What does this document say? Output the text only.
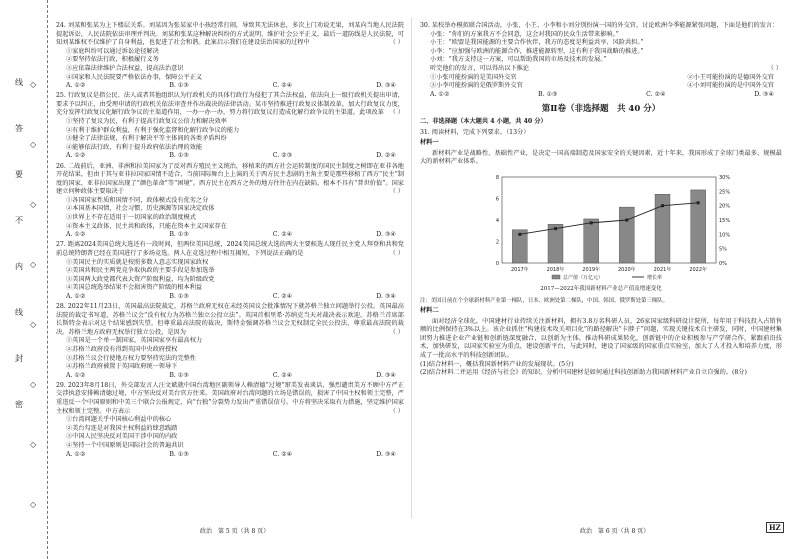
线
答
要
不
内
线
封
密
◇
◇
◇
◇
◇
◇
◇
◇
24. 刘某和张某为上下楼层关系。刘某因为张某家中小孩经常打闹，导致其无法休息，多次上门劝说无果，刘某向当地人民法院提起诉讼，人民法院依法审理并判决。刘某和张某这种解决纠纷的方式说明，维护社会公平正义，最后一道防线是人民法院，可知刘某维权不仅维护了自身利益，也促进了社会和谐。此案启示我们在建设法治国家的过程中	（ ）
①家庭纠纷可以通过诉讼途径解决
②要坚持依法行政，积极履行义务
③应依靠法律维护合法权益，提高法治意识
④国家和人民法院要严格依法办事，保障公平正义
A. ①②	B. ①③	C. ②④	D. ③④
25. 行政复议是指公民、法人或者其他组织认为行政机关的具体行政行为侵犯了其合法权益，依法向上一级行政机关提出申请，要求予以纠正，由受理申请的行政机关依法审查并作出裁决的法律活动。某市坚持推进行政复议体制改革，加大行政复议力度，充分发挥行政复议化解行政争议的主渠道作用，一办一办一办，努力将行政复议打造成化解行政争议的主渠道。此项改革 （ ）
①坚持了复议为民，有利于提高行政复议公信力和解决效率
②有利于维护群众利益，有利于强化监督和化解行政争议的能力
③健全了法律法规，有利于解决平等主体间的各类矛盾纠纷
④能够依法行政，有利于提升政府依法治理的效能
A. ①②	B. ①③	C. ②③	D. ②④
26. 二战前后，亚洲、非洲和拉美国家为了反对西方殖民主义统治，移植来的西方社会运转制度的国民主制度之树即在亚非各地开花结果，但由于其与亚非拉国家国情不适合，当前国际舞台上上演的关于西方民主悲剧的主角主要是那些移植了西方“民主”制度的国家，亚非拉国家出现了“颜色革命”等“困境”。西方民主在西方之外的地方往往在内在缺陷，根本不具有“普世价值”。国家建立何种政体主要取决于	（ ）
①各国国家性质和国情不同，政体模式没有优劣之分
②本国基本国情，社会习惯、历史渊源等国家决定政体
③世界上不存在适用于一切国家的政治制度模式
④资本主义政体，民主共和政体，只能在资本主义国家存在
A. ①②	B. ①③	C. ②④	D. ③④
27. 距离2024美国总统大选还有一段时间，但两位美国总统，2024美国总统大选的两大主要候选人现任民主党人拜登和共和党前总统特朗普已经在美国进行了多场竞选。两人在竞选过程中相互揭短，下列说法正确的是	（ ）
①美国民主的实质就是按照多数人意志实现国家政权
②美国共和民主两党竞争取执政的主要手段是参加选举
③美国两大政党都代表大资产阶级利益，均为阶级政党
④美国总统选举结果不会损害资产阶级的根本利益
A. ①②	B. ①③	C. ②④	D. ③④
28. 2022年11月23日，英国最高法院裁定，苏格兰政府无权在未经英国议会批准情况下就苏格兰独立问题举行公投。英国最高法院的裁定书写道，苏格兰议会“没有权力为苏格兰独立公投立法”。英国首相里希·苏纳克当天对裁决表示欢迎。苏格兰首席部长斯特金表示对这个结果感到失望，但尊重最高法院的裁决，斯特金强调苏格兰议会无权制定全民公投法，尊重最高法院的裁决。苏格兰地方政府无权举行独立公投，是因为	（ ）
①英国是一个单一制国家，英国国家享有最高权力
②苏格兰政府没有得到英国中央政府授权
③苏格兰议会行使地方权力要坚持宪法的完整性
④苏格兰政府被置于英国政府统一领导下
A. ①②	B. ①③	C. ②④	D. ③④
29. 2023年8月18日，外交部发言人汪文斌就中国台湾地区副领导人赖清德“过境”窜美发表谈话，强烈谴责美方不顾中方严正交涉执意安排赖清德过境，中方坚决反对美台官方往来。美国政府对台湾问题的立场是错误的，损害了中国主权和领土完整，严重违反一个中国原则和中美三个联合公报规定，向“台独”分裂势力发出严重错误信号。中方将坚决采取有力措施，坚定维护国家主权和领土完整。中方表示	（ ）
①台湾问题关乎中国核心利益中的核心
②美台勾连是对我国主权利益的肆意践踏
③中国人民坚决反对美国干涉中国的内政
④坚持一个中国原则是国际社会的普遍共识
A. ①②	B. ①③	C. ②④	D. ③④
30. 某校举办模拟联合国活动，小张、小王、小李和小刘分别扮演一国的外交官，讨论欧洲今季能源紧张问题，下面是他们的发言：
小张：“你们的方案我方不会同意，这会对我国的民众生活带来影响。”
小王：“欧盟是我国能源的主要合作伙伴，我方的态度是利益共享、风险共担。”
小李：“应加强与欧洲的能源合作，推进能源转型，这有利于我国战略的推进。”
小刘：“我方支持这一方案，可以帮助我国的市场及技术的发展。”
听完他们的发言，可以得出以下推论	（ ）
①小张可能扮演的是美国外交官	②小王可能扮演的是德国外交官
③小李可能扮演的是俄罗斯外交官	④小刘可能扮演的是中国外交官
A. ①②	B. ①③	C. ②④	D. ③④
第Ⅱ卷（非选择题　共 40 分）
二、非选择题（本大题共 4 小题，共 40 分）
31. 阅读材料，完成下列要求。（13分）
材料一
新材料产业是战略性、基础性产业，是决定一国高端制造及国家安全的关键因素，近十年来，我国形成了全球门类最多、规模最大的新材料产业体系。
0%
5%
10%
15%
20%
25%
30%
0
2
4
6
8
2017年	2018年	2019年	2020年	2021年	2022年
总产值（万亿元）	增长率
2017—2022年我国新材料产业总产值及增速变化
注：美国日前在个全球新材料产业第一梯队，日本、欧洲处第二梯队，中国、韩国、俄罗斯处第三梯队。
材料二
面对经济全球化，中国建材行业持续关注新材料，拥有3.8万名科研人员，26家国家级科研设计院所，每年用于科技投入占销售额的比例保持在3%以上。该企业抓住“构建技术攻关项目化”的路径解决“卡脖子”问题，实现关键技术自主研发，同时，中国建材集团努力推进企业产业链和创新链深度融合，以创新为主体，推动科研成果转化，创新链中的企业积极参与产学研合作，紧跟前沿技术，加快研发，以国家实验室为重点，建设创新平台，与此同时，建设了国家级的国家重点实验室，加大了人才投入和培养力度，形成了一批高水平的科技创新团队。
(1)结合材料一，概括我国新材料产业的发展现状。(5分)
(2)结合材料二并运用《经济与社会》的知识，分析中国建材是如何通过科技创新助力我国新材料产业自立自强的。(8分)
政治　第 5 页（共 8 页）	政治　第 6 页（共 8 页）	HZ
